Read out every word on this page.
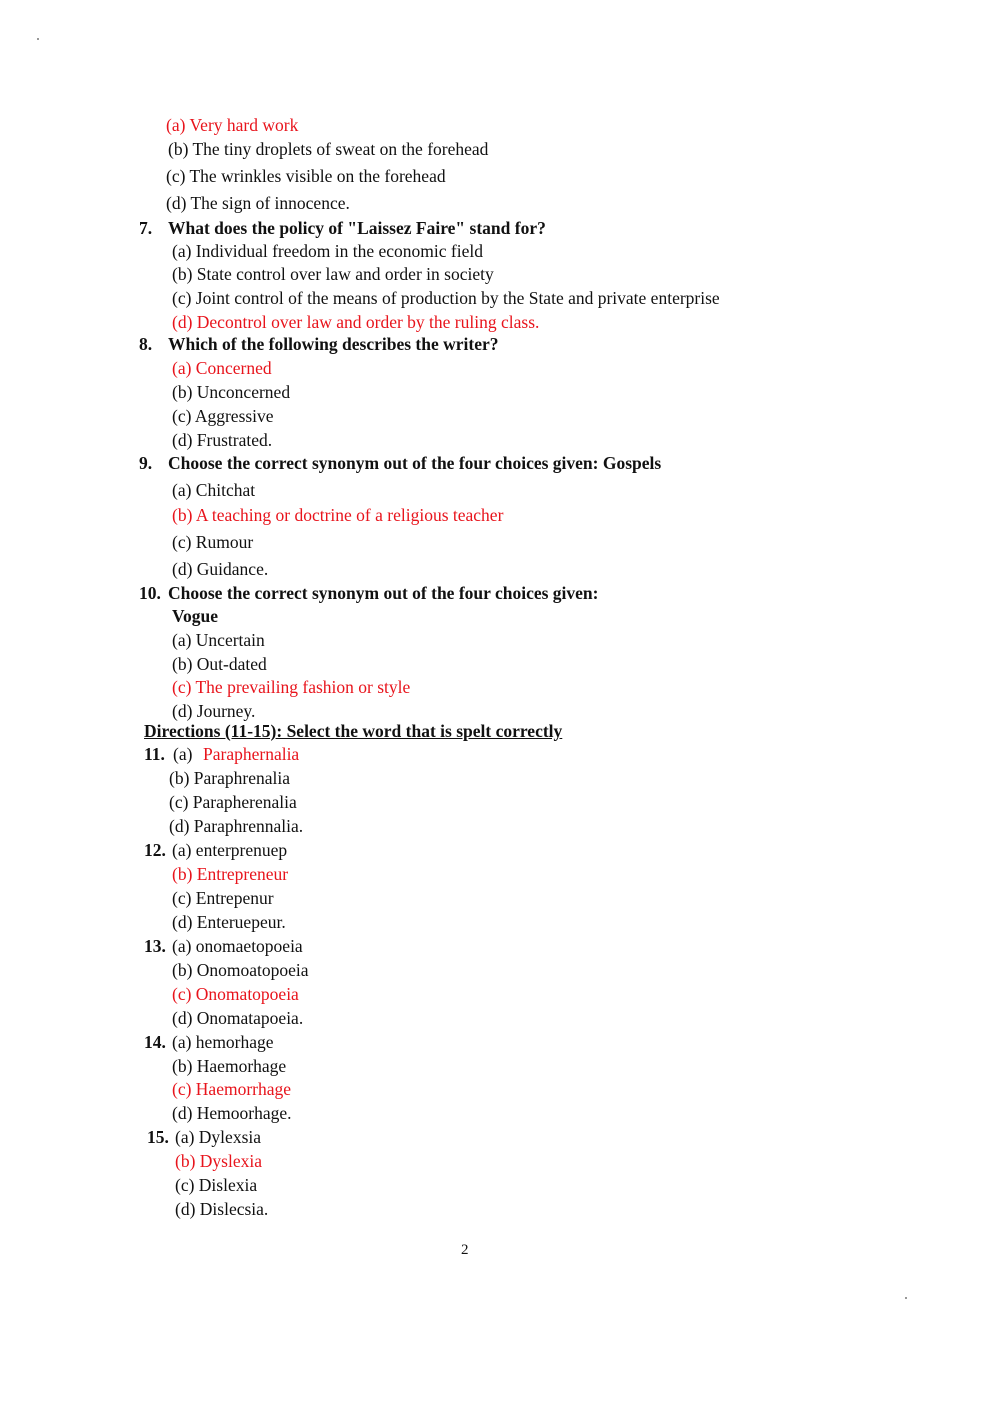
(a) Very hard work
(b) The tiny droplets of sweat on the forehead
(c) The wrinkles visible on the forehead
(d) The sign of innocence.
7. What does the policy of "Laissez Faire" stand for?
(a) Individual freedom in the economic field
(b) State control over law and order in society
(c) Joint control of the means of production by the State and private enterprise
(d) Decontrol over law and order by the ruling class.
8. Which of the following describes the writer?
(a) Concerned
(b) Unconcerned
(c) Aggressive
(d) Frustrated.
9. Choose the correct synonym out of the four choices given: Gospels
(a) Chitchat
(b) A teaching or doctrine of a religious teacher
(c) Rumour
(d) Guidance.
10. Choose the correct synonym out of the four choices given:
Vogue
(a) Uncertain
(b) Out-dated
(c) The prevailing fashion or style
(d) Journey.
Directions (11-15): Select the word that is spelt correctly
11. (a) Paraphernalia
(b) Paraphrenalia
(c) Parapherenalia
(d) Paraphrennalia.
12. (a) enterprenuep
(b) Entrepreneur
(c) Entrepenur
(d) Enteruepeur.
13. (a) onomaetopoeia
(b) Onomoatopoeia
(c) Onomatopoeia
(d) Onomatapoeia.
14. (a) hemorhage
(b) Haemorhage
(c) Haemorrhage
(d) Hemoorhage.
15. (a) Dylexsia
(b) Dyslexia
(c) Dislexia
(d) Dislecsia.
2
